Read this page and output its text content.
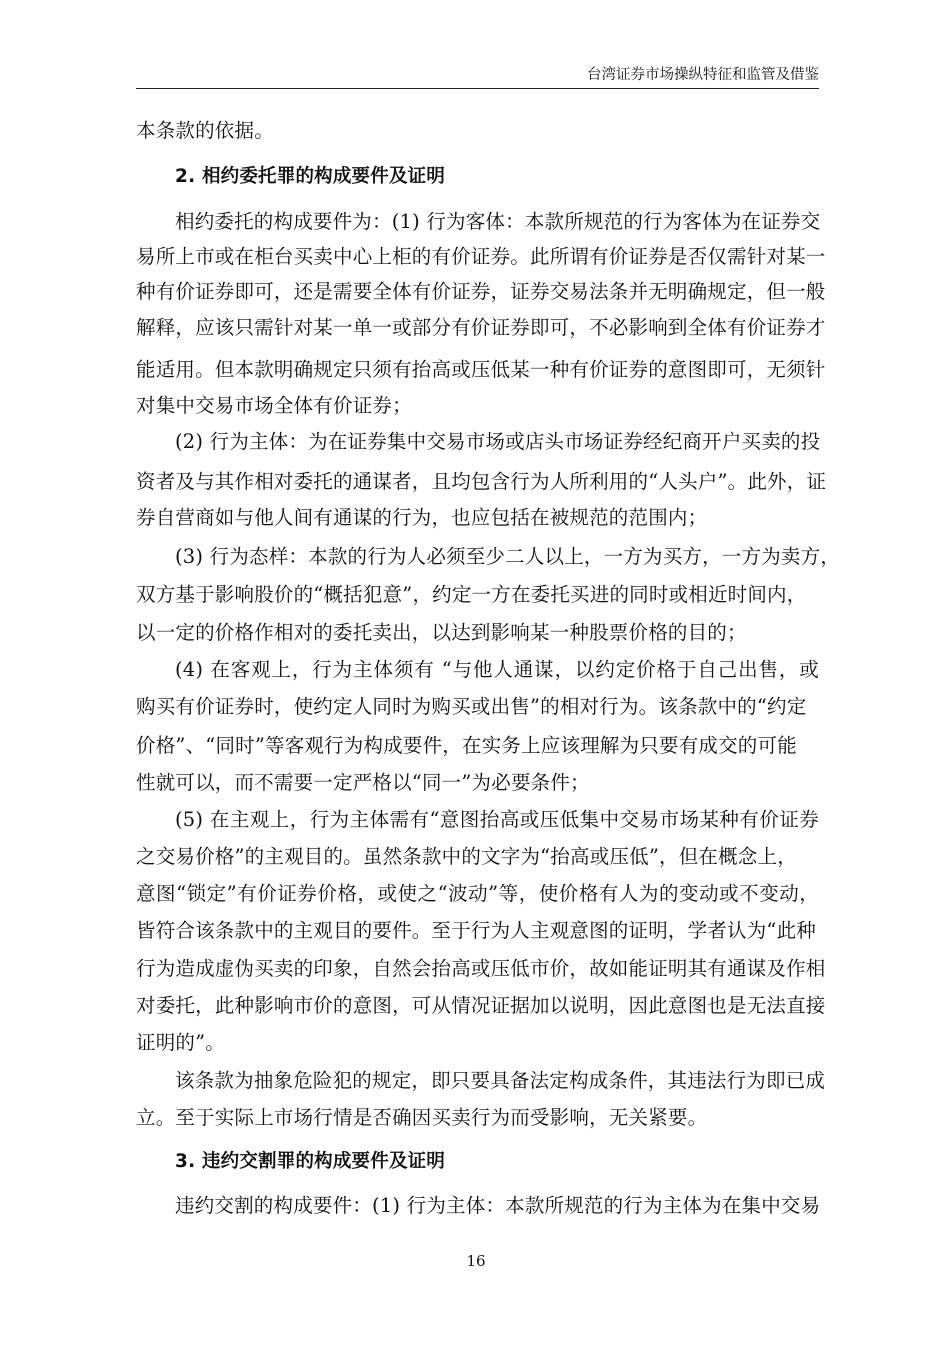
台湾证券市场操纵特征和监管及借鉴
本条款的依据。
2. 相约委托罪的构成要件及证明
相约委托的构成要件为：(1) 行为客体：本款所规范的行为客体为在证券交
易所上市或在柜台买卖中心上柜的有价证券。此所谓有价证券是否仅需针对某一
种有价证券即可，还是需要全体有价证券，证券交易法条并无明确规定，但一般
解释，应该只需针对某一单一或部分有价证券即可，不必影响到全体有价证券才
能适用。但本款明确规定只须有抬高或压低某一种有价证券的意图即可，无须针
对集中交易市场全体有价证券；
(2) 行为主体：为在证券集中交易市场或店头市场证券经纪商开户买卖的投
资者及与其作相对委托的通谋者，且均包含行为人所利用的“人头户”。此外，证
券自营商如与他人间有通谋的行为，也应包括在被规范的范围内；
(3) 行为态样：本款的行为人必须至少二人以上，一方为买方，一方为卖方，
双方基于影响股价的“概括犯意”，约定一方在委托买进的同时或相近时间内，
以一定的价格作相对的委托卖出，以达到影响某一种股票价格的目的；
(4) 在客观上，行为主体须有 “与他人通谋，以约定价格于自己出售，或
购买有价证券时，使约定人同时为购买或出售”的相对行为。该条款中的“约定
价格”、“同时”等客观行为构成要件，在实务上应该理解为只要有成交的可能
性就可以，而不需要一定严格以“同一”为必要条件；
(5) 在主观上，行为主体需有“意图抬高或压低集中交易市场某种有价证券
之交易价格”的主观目的。虽然条款中的文字为“抬高或压低”，但在概念上，
意图“锁定”有价证券价格，或使之“波动”等，使价格有人为的变动或不变动，
皆符合该条款中的主观目的要件。至于行为人主观意图的证明，学者认为“此种
行为造成虚伪买卖的印象，自然会抬高或压低市价，故如能证明其有通谋及作相
对委托，此种影响市价的意图，可从情况证据加以说明，因此意图也是无法直接
证明的”。
该条款为抽象危险犯的规定，即只要具备法定构成条件，其违法行为即已成
立。至于实际上市场行情是否确因买卖行为而受影响，无关紧要。
3. 违约交割罪的构成要件及证明
违约交割的构成要件：(1) 行为主体：本款所规范的行为主体为在集中交易
16
